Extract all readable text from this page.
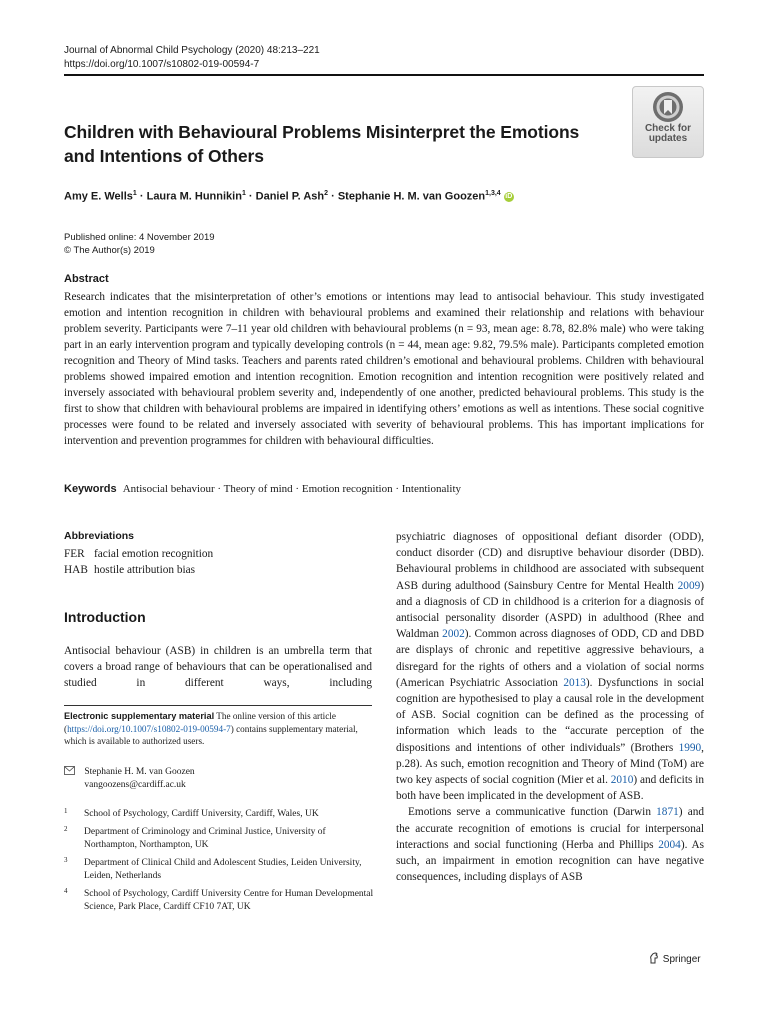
Journal of Abnormal Child Psychology (2020) 48:213–221
https://doi.org/10.1007/s10802-019-00594-7
Check for
updates
Children with Behavioural Problems Misinterpret the Emotions and Intentions of Others
Amy E. Wells$^1$ · Laura M. Hunnikin$^1$ · Daniel P. Ash$^2$ · Stephanie H. M. van Goozen$^{1,3,4}$ iD
Published online: 4 November 2019
© The Author(s) 2019
Abstract
Research indicates that the misinterpretation of other’s emotions or intentions may lead to antisocial behaviour. This study investigated emotion and intention recognition in children with behavioural problems and examined their relationship and relations with behaviour problem severity. Participants were 7–11 year old children with behavioural problems (n = 93, mean age: 8.78, 82.8% male) who were taking part in an early intervention program and typically developing controls (n = 44, mean age: 9.82, 79.5% male). Participants completed emotion recognition and Theory of Mind tasks. Teachers and parents rated children’s emotional and behavioural problems. Children with behavioural problems showed impaired emotion and intention recognition. Emotion recognition and intention recognition were positively related and inversely associated with behavioural problem severity and, independently of one another, predicted behavioural problems. This study is the first to show that children with behavioural problems are impaired in identifying others’ emotions as well as intentions. These social cognitive processes were found to be related and inversely associated with severity of behavioural problems. This has important implications for intervention and prevention programmes for children with behavioural difficulties.
Keywords Antisocial behaviour · Theory of mind · Emotion recognition · Intentionality
Abbreviations
FER facial emotion recognition
HAB hostile attribution bias
Introduction
Antisocial behaviour (ASB) in children is an umbrella term that covers a broad range of behaviours that can be operationalised and studied in different ways, including
Electronic supplementary material The online version of this article (https://doi.org/10.1007/s10802-019-00594-7) contains supplementary material, which is available to authorized users.

Stephanie H. M. van Goozen
vangoozens@cardiff.ac.uk
1 School of Psychology, Cardiff University, Cardiff, Wales, UK
2 Department of Criminology and Criminal Justice, University of Northampton, Northampton, UK
3 Department of Clinical Child and Adolescent Studies, Leiden University, Leiden, Netherlands
4 School of Psychology, Cardiff University Centre for Human Developmental Science, Park Place, Cardiff CF10 7AT, UK

psychiatric diagnoses of oppositional defiant disorder (ODD), conduct disorder (CD) and disruptive behaviour disorder (DBD). Behavioural problems in childhood are associated with subsequent ASB during adulthood (Sainsbury Centre for Mental Health 2009) and a diagnosis of CD in childhood is a criterion for a diagnosis of antisocial personality disorder (ASPD) in adulthood (Rhee and Waldman 2002). Common across diagnoses of ODD, CD and DBD are displays of chronic and repetitive aggressive behaviours, a disregard for the rights of others and a violation of social norms (American Psychiatric Association 2013). Dysfunctions in social cognition are hypothesised to play a causal role in the development of ASB. Social cognition can be defined as the processing of information which leads to the “accurate perception of the dispositions and intentions of other individuals” (Brothers 1990, p.28). As such, emotion recognition and Theory of Mind (ToM) are two key aspects of social cognition (Mier et al. 2010) and deficits in both have been implicated in the development of ASB.

Emotions serve a communicative function (Darwin 1871) and the accurate recognition of emotions is crucial for interpersonal interactions and social functioning (Herba and Phillips 2004). As such, an impairment in emotion recognition can have negative consequences, including displays of ASB

Springer
